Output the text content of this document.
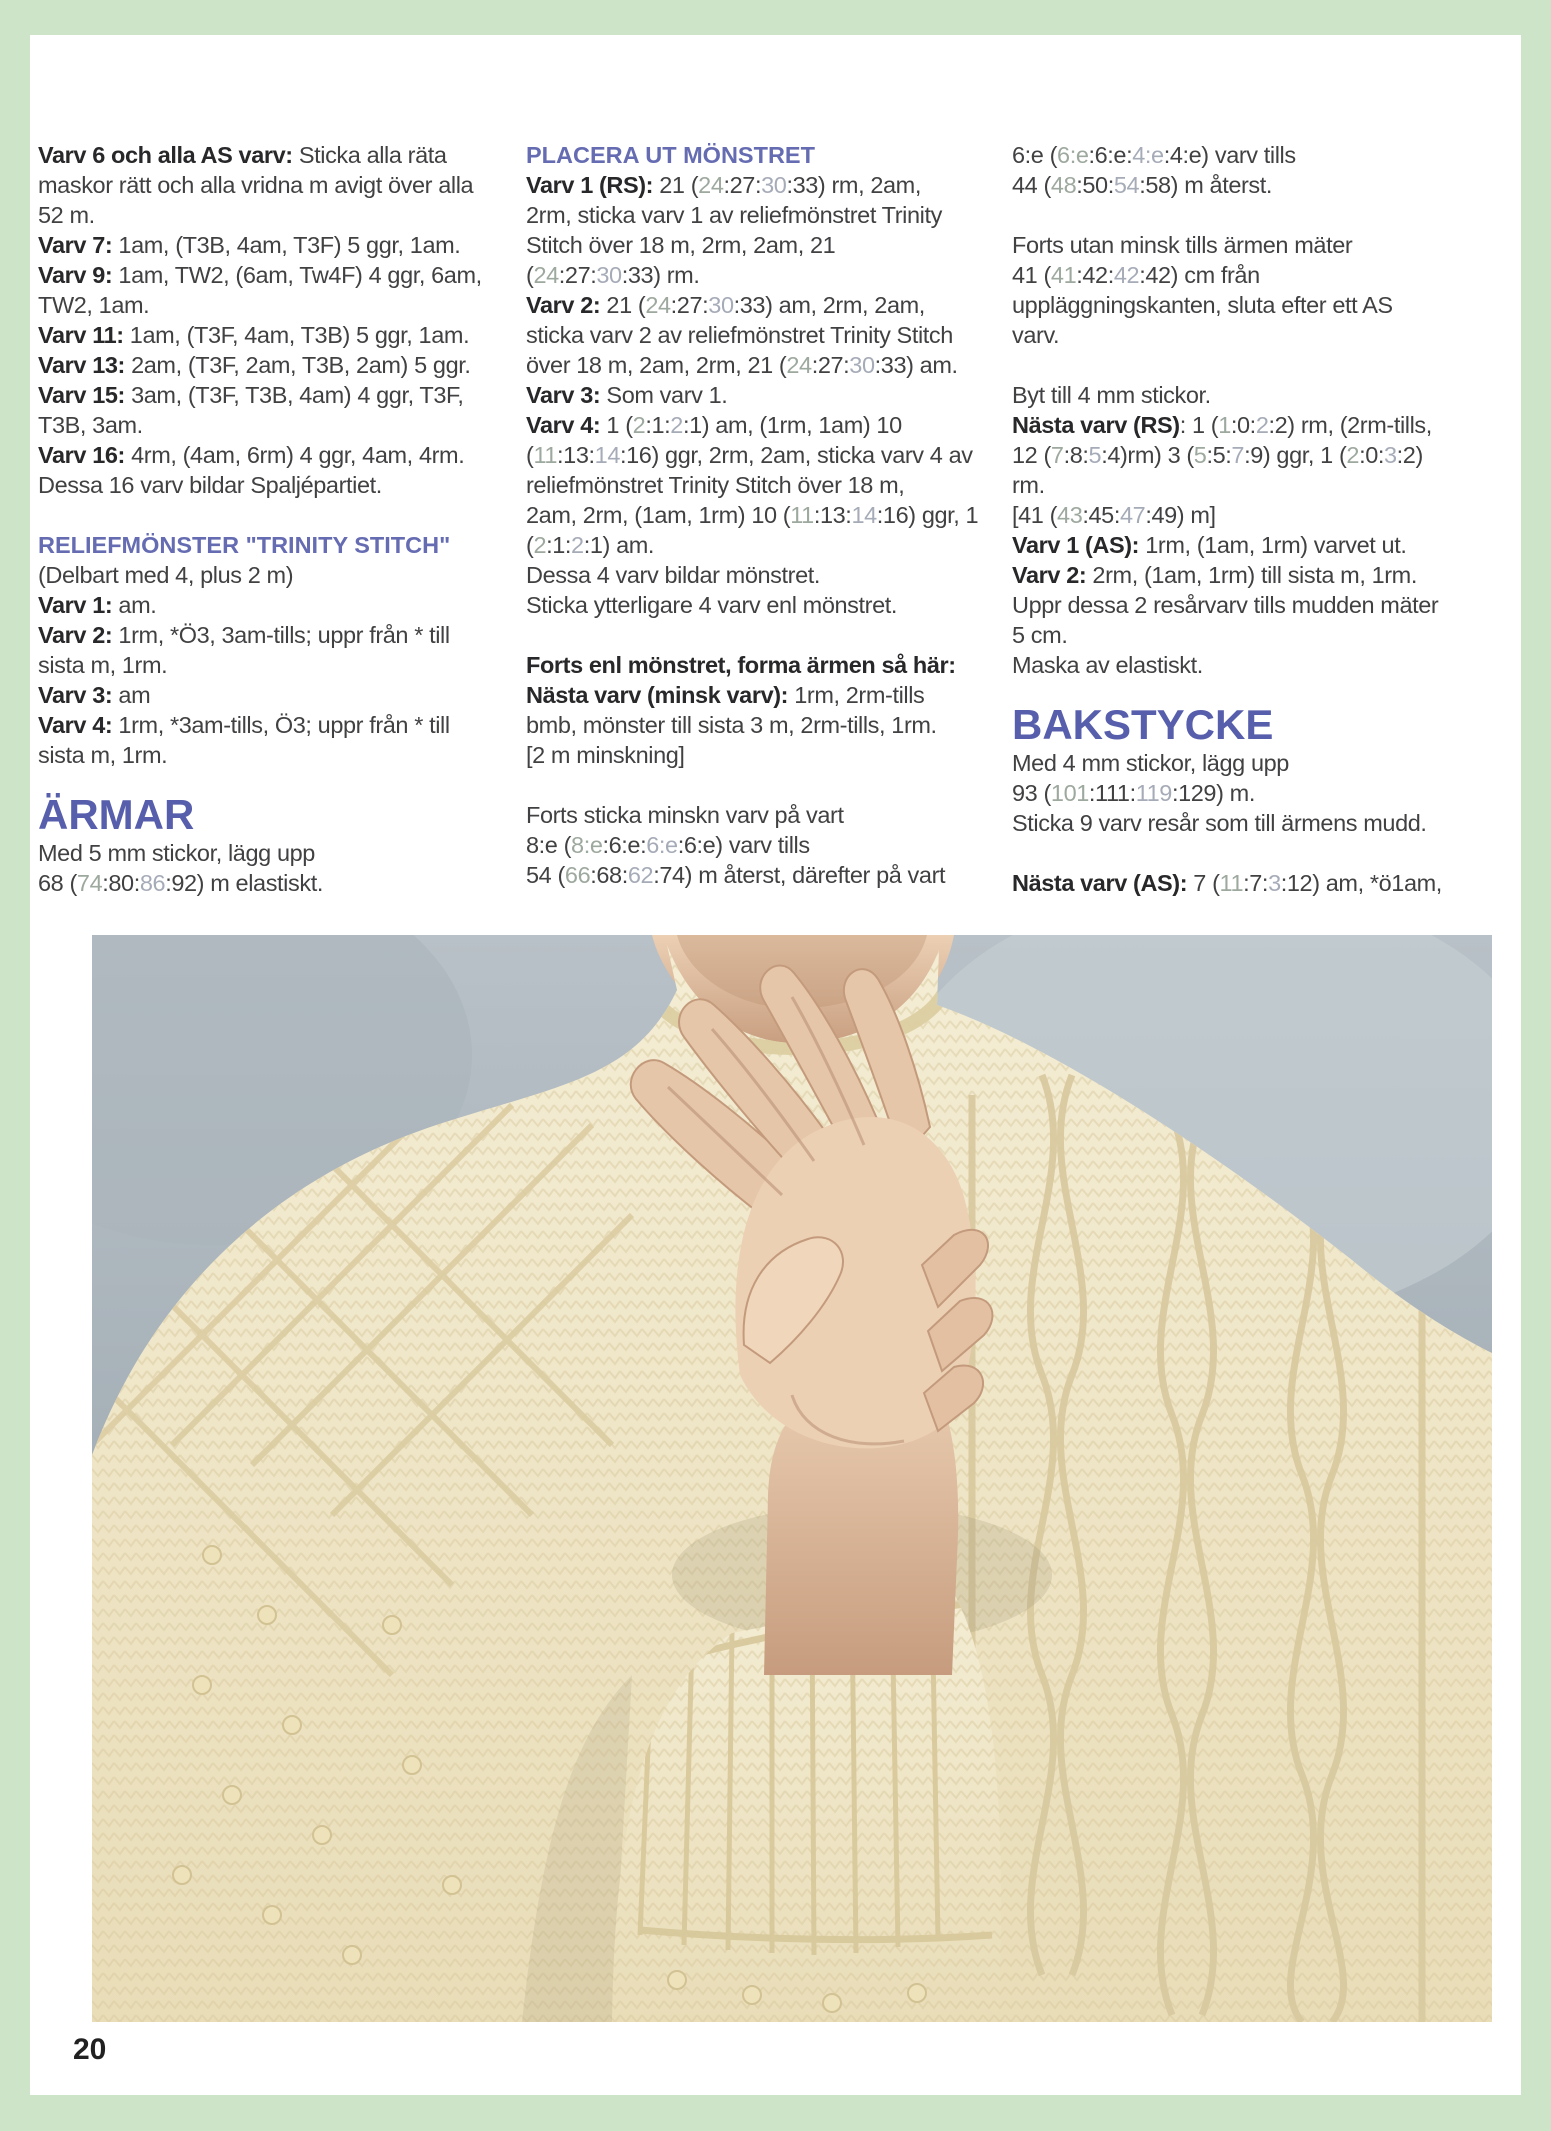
Varv 6 och alla AS varv: Sticka alla räta
maskor rätt och alla vridna m avigt över alla
52 m.
Varv 7: 1am, (T3B, 4am, T3F) 5 ggr, 1am.
Varv 9: 1am, TW2, (6am, Tw4F) 4 ggr, 6am,
TW2, 1am.
Varv 11: 1am, (T3F, 4am, T3B) 5 ggr, 1am.
Varv 13: 2am, (T3F, 2am, T3B, 2am) 5 ggr.
Varv 15: 3am, (T3F, T3B, 4am) 4 ggr, T3F,
T3B, 3am.
Varv 16: 4rm, (4am, 6rm) 4 ggr, 4am, 4rm.
Dessa 16 varv bildar Spaljépartiet.
RELIEFMÖNSTER "TRINITY STITCH"
(Delbart med 4, plus 2 m)
Varv 1: am.
Varv 2: 1rm, *Ö3, 3am-tills; uppr från * till
sista m, 1rm.
Varv 3: am
Varv 4: 1rm, *3am-tills, Ö3; uppr från * till
sista m, 1rm.
ÄRMAR
Med 5 mm stickor, lägg upp
68 (74:80:86:92) m elastiskt.
PLACERA UT MÖNSTRET
Varv 1 (RS): 21 (24:27:30:33) rm, 2am,
2rm, sticka varv 1 av reliefmönstret Trinity
Stitch över 18 m, 2rm, 2am, 21
(24:27:30:33) rm.
Varv 2: 21 (24:27:30:33) am, 2rm, 2am,
sticka varv 2 av reliefmönstret Trinity Stitch
över 18 m, 2am, 2rm, 21 (24:27:30:33) am.
Varv 3: Som varv 1.
Varv 4: 1 (2:1:2:1) am, (1rm, 1am) 10
(11:13:14:16) ggr, 2rm, 2am, sticka varv 4 av
reliefmönstret Trinity Stitch över 18 m,
2am, 2rm, (1am, 1rm) 10 (11:13:14:16) ggr, 1
(2:1:2:1) am.
Dessa 4 varv bildar mönstret.
Sticka ytterligare 4 varv enl mönstret.
Forts enl mönstret, forma ärmen så här:
Nästa varv (minsk varv): 1rm, 2rm-tills
bmb, mönster till sista 3 m, 2rm-tills, 1rm.
[2 m minskning]
Forts sticka minskn varv på vart
8:e (8:e:6:e:6:e:6:e) varv tills
54 (66:68:62:74) m återst, därefter på vart
6:e (6:e:6:e:4:e:4:e) varv tills
44 (48:50:54:58) m återst.
Forts utan minsk tills ärmen mäter
41 (41:42:42:42) cm från
uppläggningskanten, sluta efter ett AS
varv.
Byt till 4 mm stickor.
Nästa varv (RS): 1 (1:0:2:2) rm, (2rm-tills,
12 (7:8:5:4)rm) 3 (5:5:7:9) ggr, 1 (2:0:3:2)
rm.
[41 (43:45:47:49) m]
Varv 1 (AS): 1rm, (1am, 1rm) varvet ut.
Varv 2: 2rm, (1am, 1rm) till sista m, 1rm.
Uppr dessa 2 resårvarv tills mudden mäter
5 cm.
Maska av elastiskt.
BAKSTYCKE
Med 4 mm stickor, lägg upp
93 (101:111:119:129) m.
Sticka 9 varv resår som till ärmens mudd.
Nästa varv (AS): 7 (11:7:3:12) am, *ö1am,
20
